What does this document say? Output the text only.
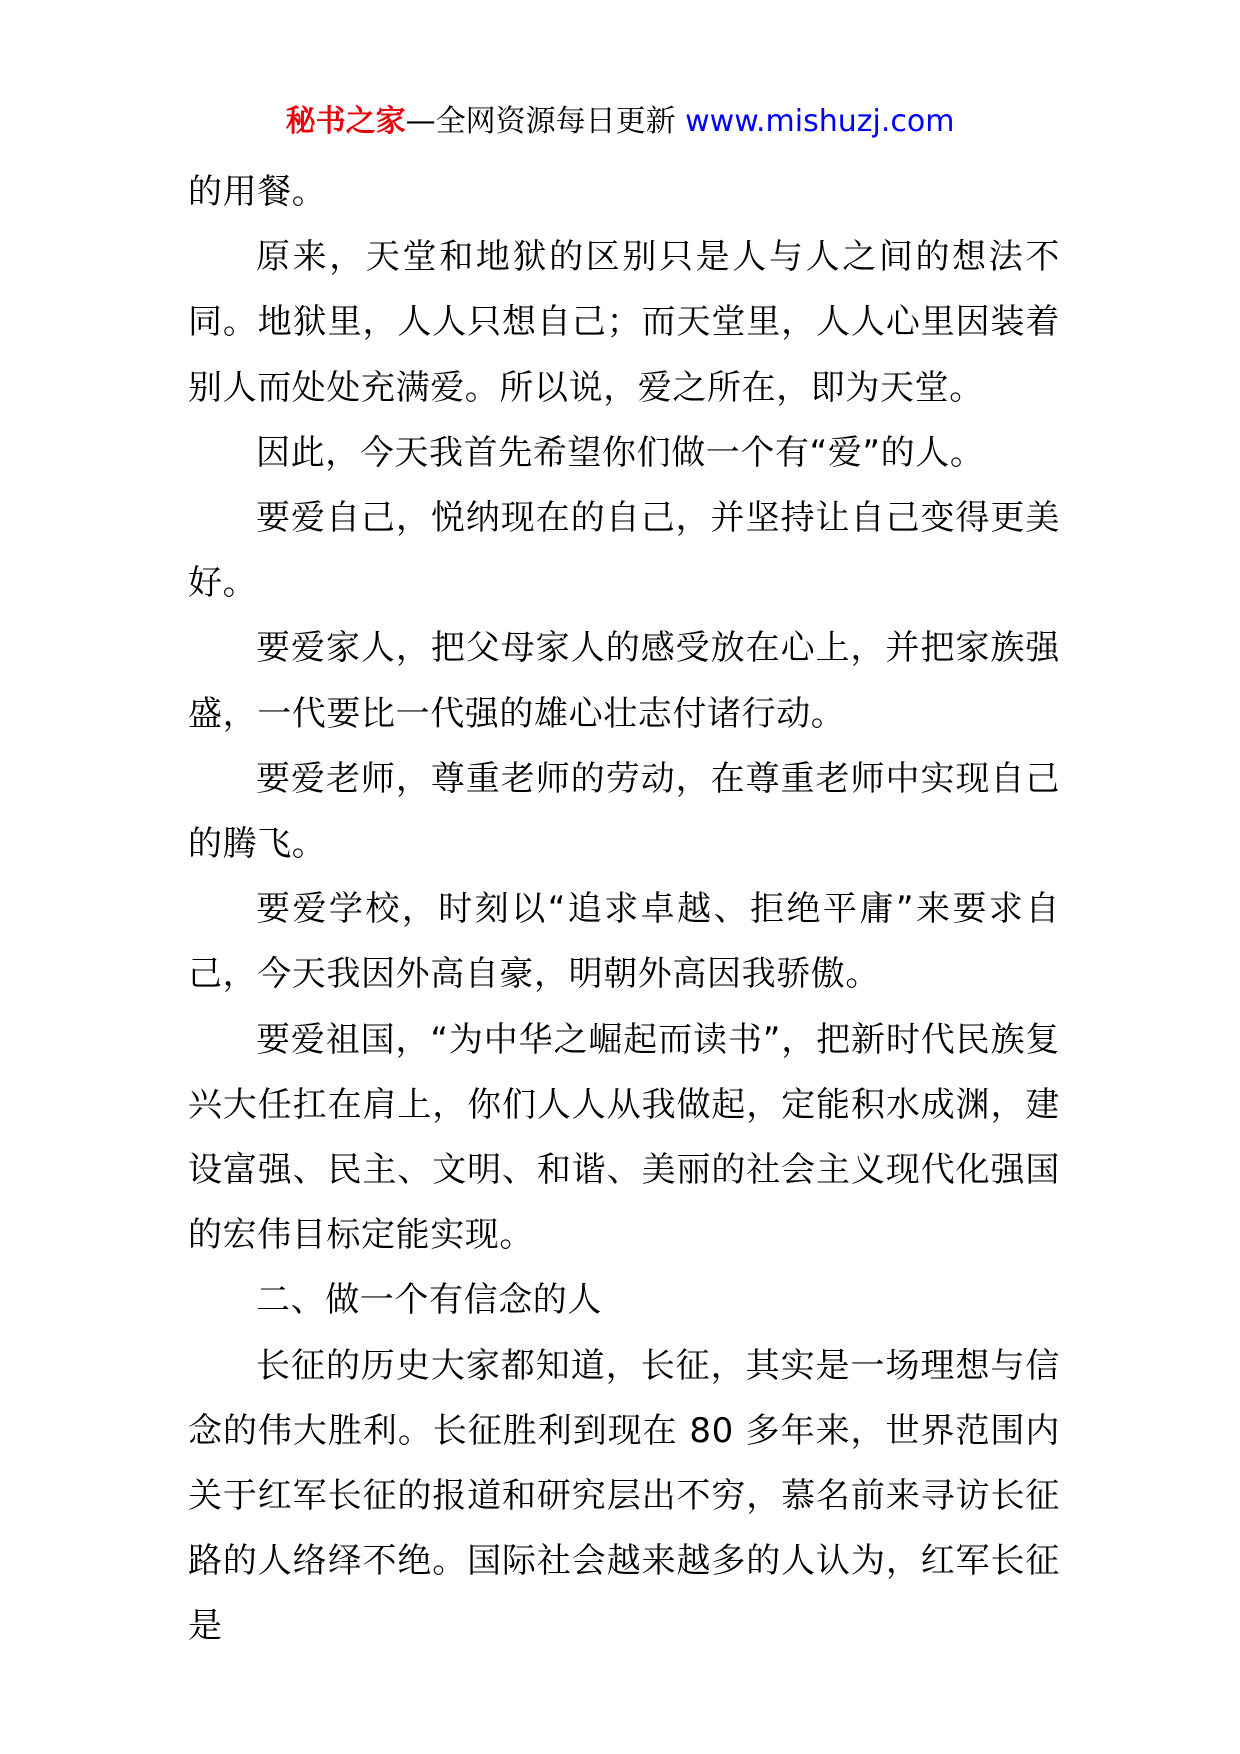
秘书之家—全网资源每日更新 www.mishuzj.com

的用餐。

原来，天堂和地狱的区别只是人与人之间的想法不同。地狱里，人人只想自己；而天堂里，人人心里因装着别人而处处充满爱。所以说，爱之所在，即为天堂。

因此，今天我首先希望你们做一个有“爱”的人。

要爱自己，悦纳现在的自己，并坚持让自己变得更美好。

要爱家人，把父母家人的感受放在心上，并把家族强盛，一代要比一代强的雄心壮志付诸行动。

要爱老师，尊重老师的劳动，在尊重老师中实现自己的腾飞。

要爱学校，时刻以“追求卓越、拒绝平庸”来要求自己，今天我因外高自豪，明朝外高因我骄傲。

要爱祖国，“为中华之崛起而读书”，把新时代民族复兴大任扛在肩上，你们人人从我做起，定能积水成渊，建设富强、民主、文明、和谐、美丽的社会主义现代化强国的宏伟目标定能实现。

二、做一个有信念的人

长征的历史大家都知道，长征，其实是一场理想与信念的伟大胜利。长征胜利到现在 80 多年来，世界范围内关于红军长征的报道和研究层出不穷，慕名前来寻访长征路的人络绎不绝。国际社会越来越多的人认为，红军长征是
